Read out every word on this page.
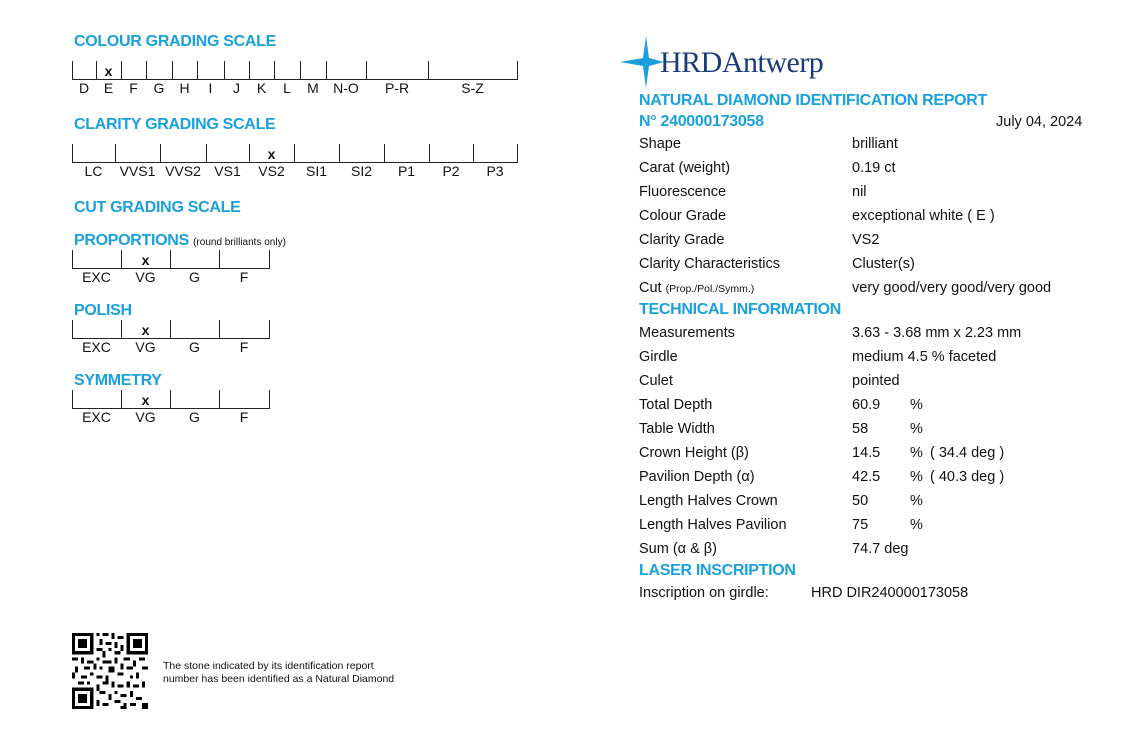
COLOUR GRADING SCALE
x
D	E	F	G	H	I	J	K	L	M	N-O	P-R	S-Z
CLARITY GRADING SCALE
x
LC	VVS1 VVS2 VS1	VS2	SI1	SI2	P1	P2	P3
CUT GRADING SCALE
PROPORTIONS (round brilliants only)
x
EXC	VG	G	F
POLISH
x
EXC	VG	G	F
SYMMETRY
x
EXC	VG	G	F
HRDAntwerp
NATURAL DIAMOND IDENTIFICATION REPORT
N° 240000173058	July 04, 2024
Shape	brilliant
Carat (weight)	0.19 ct
Fluorescence	nil
Colour Grade	exceptional white ( E )
Clarity Grade	VS2
Clarity Characteristics	Cluster(s)
Cut (Prop./Pol./Symm.)	very good/very good/very good
TECHNICAL INFORMATION
Measurements	3.63 - 3.68 mm x 2.23 mm
Girdle	medium 4.5 % faceted
Culet	pointed
Total Depth	60.9 %
Table Width	58	%
Crown Height (β)	14.5 % ( 34.4 deg )
Pavilion Depth (α)	42.5 % ( 40.3 deg )
Length Halves Crown	50	%
Length Halves Pavilion	75	%
Sum (α & β)	74.7 deg
LASER INSCRIPTION
Inscription on girdle:	HRD DIR240000173058
The stone indicated by its identification report number has been identified as a Natural Diamond
